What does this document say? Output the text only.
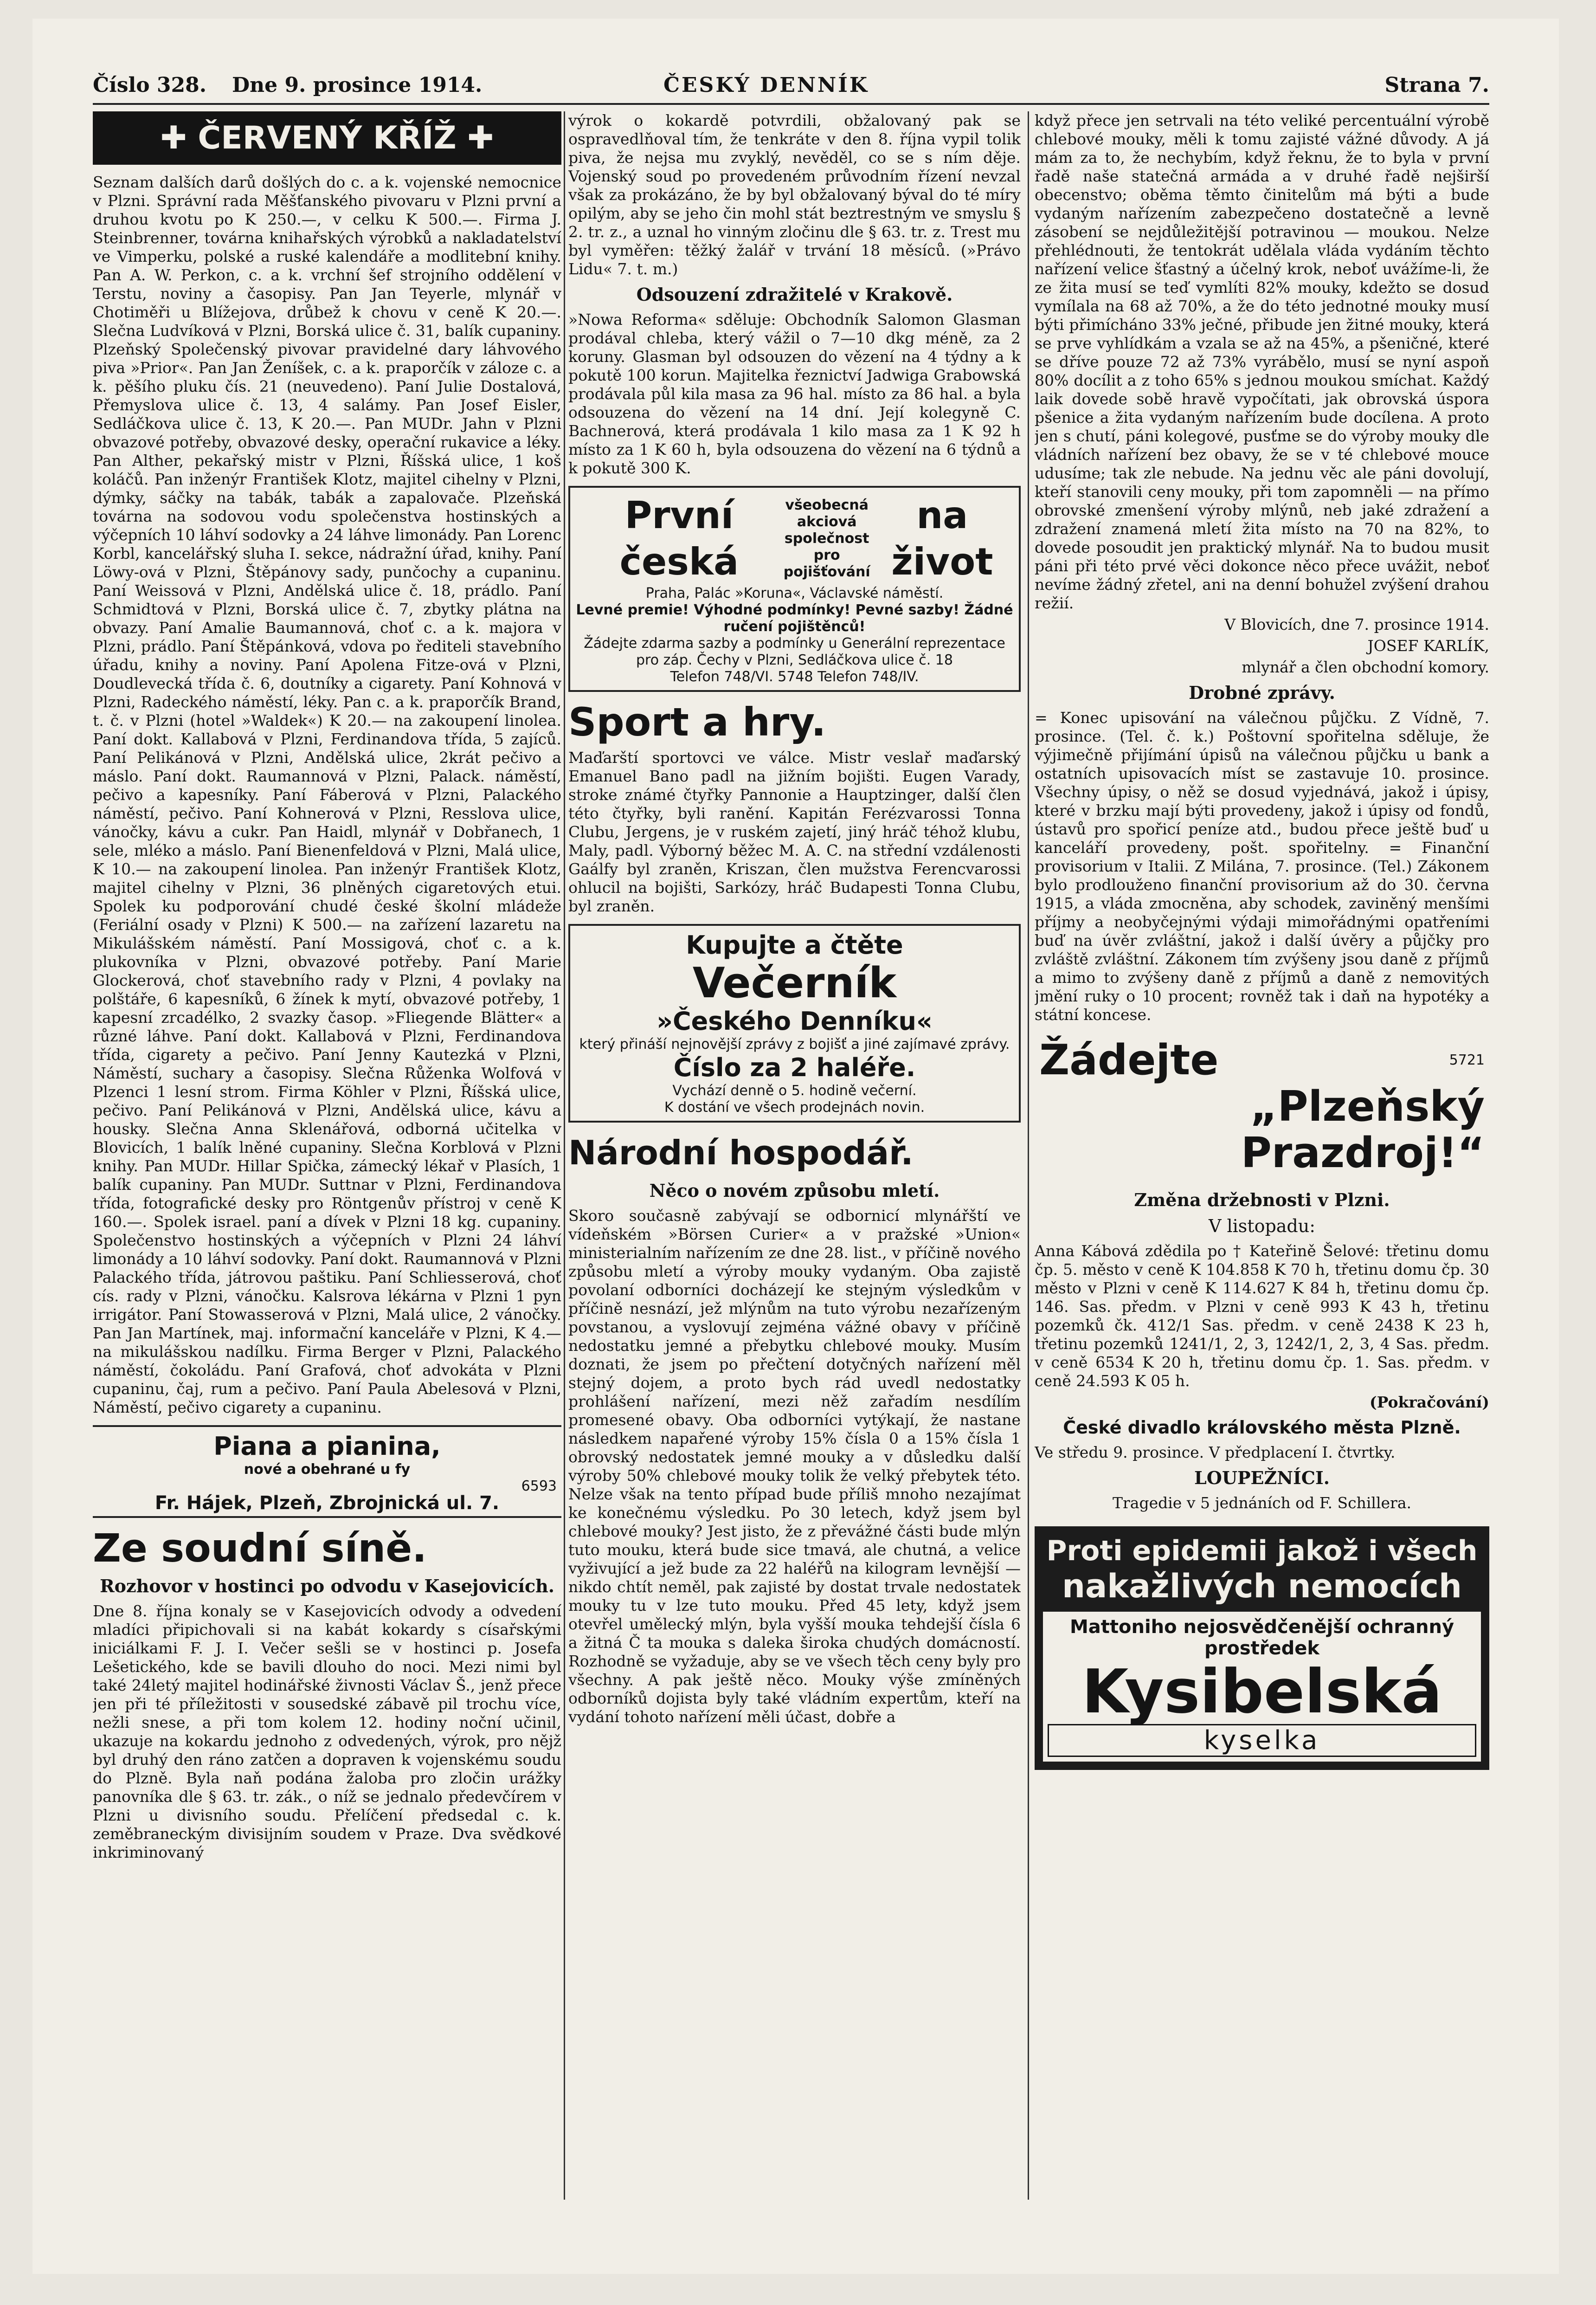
Číslo 328. Dne 9. prosince 1914.	ČESKÝ DENNÍK	Strana 7.
✚ ČERVENÝ KŘÍŽ ✚

Seznam dalších darů došlých do c. a k. vojenské nemocnice v Plzni. Správní rada Měšťanského pivovaru v Plzni první a druhou kvotu po K 250.—, v celku K 500.—. Firma J. Steinbrenner, továrna knihařských výrobků a nakladatelství ve Vimperku, polské a ruské kalendáře a modlitební knihy. Pan A. W. Perkon, c. a k. vrchní šef strojního oddělení v Terstu, noviny a časopisy. Pan Jan Teyerle, mlynář v Chotiměři u Blížejova, drůbež k chovu v ceně K 20.—. Slečna Ludvíková v Plzni, Borská ulice č. 31, balík cupaniny. Plzeňský Společenský pivovar pravidelné dary láhvového piva »Prior«. Pan Jan Ženíšek, c. a k. praporčík v záloze c. a k. pěšího pluku čís. 21 (neuvedeno). Paní Julie Dostalová, Přemyslova ulice č. 13, 4 salámy. Pan Josef Eisler, Sedláčkova ulice č. 13, K 20.—. Pan MUDr. Jahn v Plzni obvazové potřeby, obvazové desky, operační rukavice a léky. Pan Alther, pekařský mistr v Plzni, Říšská ulice, 1 koš koláčů. Pan inženýr František Klotz, majitel cihelny v Plzni, dýmky, sáčky na tabák, tabák a zapalovače. Plzeňská továrna na sodovou vodu společenstva hostinských a výčepních 10 láhví sodovky a 24 láhve limonády. Pan Lorenc Korbl, kancelářský sluha I. sekce, nádražní úřad, knihy. Paní Löwy-ová v Plzni, Štěpánovy sady, punčochy a cupaninu. Paní Weissová v Plzni, Andělská ulice č. 18, prádlo. Paní Schmidtová v Plzni, Borská ulice č. 7, zbytky plátna na obvazy. Paní Amalie Baumannová, choť c. a k. majora v Plzni, prádlo. Paní Štěpánková, vdova po řediteli stavebního úřadu, knihy a noviny. Paní Apolena Fitze-ová v Plzni, Doudlevecká třída č. 6, doutníky a cigarety. Paní Kohnová v Plzni, Radeckého náměstí, léky. Pan c. a k. praporčík Brand, t. č. v Plzni (hotel »Waldek«) K 20.— na zakoupení linolea. Paní dokt. Kallabová v Plzni, Ferdinandova třída, 5 zajíců. Paní Pelikánová v Plzni, Andělská ulice, 2krát pečivo a máslo. Paní dokt. Raumannová v Plzni, Palack. náměstí, pečivo a kapesníky. Paní Fáberová v Plzni, Palackého náměstí, pečivo. Paní Kohnerová v Plzni, Resslova ulice, vánočky, kávu a cukr. Pan Haidl, mlynář v Dobřanech, 1 sele, mléko a máslo. Paní Bienenfeldová v Plzni, Malá ulice, K 10.— na zakoupení linolea. Pan inženýr František Klotz, majitel cihelny v Plzni, 36 plněných cigaretových etui. Spolek ku podporování chudé české školní mládeže (Feriální osady v Plzni) K 500.— na zařízení lazaretu na Mikulášském náměstí. Paní Mossigová, choť c. a k. plukovníka v Plzni, obvazové potřeby. Paní Marie Glockerová, choť stavebního rady v Plzni, 4 povlaky na polštáře, 6 kapesníků, 6 žínek k mytí, obvazové potřeby, 1 kapesní zrcadélko, 2 svazky časop. »Fliegende Blätter« a různé láhve. Paní dokt. Kallabová v Plzni, Ferdinandova třída, cigarety a pečivo. Paní Jenny Kautezká v Plzni, Náměstí, suchary a časopisy. Slečna Růženka Wolfová v Plzenci 1 lesní strom. Firma Köhler v Plzni, Říšská ulice, pečivo. Paní Pelikánová v Plzni, Andělská ulice, kávu a housky. Slečna Anna Sklenářová, odborná učitelka v Blovicích, 1 balík lněné cupaniny. Slečna Korblová v Plzni knihy. Pan MUDr. Hillar Spička, zámecký lékař v Plasích, 1 balík cupaniny. Pan MUDr. Suttnar v Plzni, Ferdinandova třída, fotografické desky pro Röntgenův přístroj v ceně K 160.—. Spolek israel. paní a dívek v Plzni 18 kg. cupaniny. Společenstvo hostinských a výčepních v Plzni 24 láhví limonády a 10 láhví sodovky. Paní dokt. Raumannová v Plzni Palackého třída, játrovou paštiku. Paní Schliesserová, choť cís. rady v Plzni, vánočku. Kalsrova lékárna v Plzni 1 pyn irrigátor. Paní Stowasserová v Plzni, Malá ulice, 2 vánočky. Pan Jan Martínek, maj. informační kanceláře v Plzni, K 4.— na mikulášskou nadílku. Firma Berger v Plzni, Palackého náměstí, čokoládu. Paní Grafová, choť advokáta v Plzni cupaninu, čaj, rum a pečivo. Paní Paula Abelesová v Plzni, Náměstí, pečivo cigarety a cupaninu.

Piana a pianina,
nové a obehrané u fy
6593
Fr. Hájek, Plzeň, Zbrojnická ul. 7.
Ze soudní síně.
Rozhovor v hostinci po odvodu v Kasejovicích.

Dne 8. října konaly se v Kasejovicích odvody a odvedení mladíci připichovali si na kabát kokardy s císařskými iniciálkami F. J. I. Večer sešli se v hostinci p. Josefa Lešetického, kde se bavili dlouho do noci. Mezi nimi byl také 24letý majitel hodinářské živnosti Václav Š., jenž přece jen při té příležitosti v sousedské zábavě pil trochu více, nežli snese, a při tom kolem 12. hodiny noční učinil, ukazuje na kokardu jednoho z odvedených, výrok, pro nějž byl druhý den ráno zatčen a dopraven k vojenskému soudu do Plzně. Byla naň podána žaloba pro zločin urážky panovníka dle § 63. tr. zák., o níž se jednalo předevčírem v Plzni u divisního soudu. Přelíčení předsedal c. k. zeměbraneckým divisijním soudem v Praze. Dva svědkové inkriminovaný

výrok o kokardě potvrdili, obžalovaný pak se ospravedlňoval tím, že tenkráte v den 8. října vypil tolik piva, že nejsa mu zvyklý, nevěděl, co se s ním děje. Vojenský soud po provedeném průvodním řízení nevzal však za prokázáno, že by byl obžalovaný býval do té míry opilým, aby se jeho čin mohl stát beztrestným ve smyslu § 2. tr. z., a uznal ho vinným zločinu dle § 63. tr. z. Trest mu byl vyměřen: těžký žalář v trvání 18 měsíců. (»Právo Lidu« 7. t. m.)

Odsouzení zdražitelé v Krakově.

»Nowa Reforma« sděluje: Obchodník Salomon Glasman prodával chleba, který vážil o 7—10 dkg méně, za 2 koruny. Glasman byl odsouzen do vězení na 4 týdny a k pokutě 100 korun. Majitelka řeznictví Jadwiga Grabowská prodávala půl kila masa za 96 hal. místo za 86 hal. a byla odsouzena do vězení na 14 dní. Její kolegyně C. Bachnerová, která prodávala 1 kilo masa za 1 K 92 h místo za 1 K 60 h, byla odsouzena do vězení na 6 týdnů a k pokutě 300 K.

První česká
všeobecná akciová společnost pro pojišťování
na život
Praha, Palác »Koruna«, Václavské náměstí.
Levné premie! Výhodné podmínky! Pevné sazby! Žádné ručení pojištěnců!
Žádejte zdarma sazby a podmínky u Generální reprezentace pro záp. Čechy v Plzni, Sedláčkova ulice č. 18
Telefon 748/VI. 5748 Telefon 748/IV.
Sport a hry.

Maďarští sportovci ve válce. Mistr veslař maďarský Emanuel Bano padl na jižním bojišti. Eugen Varady, stroke známé čtyřky Pannonie a Hauptzinger, další člen této čtyřky, byli ranění. Kapitán Ferézvarossi Tonna Clubu, Jergens, je v ruském zajetí, jiný hráč téhož klubu, Maly, padl. Výborný běžec M. A. C. na střední vzdálenosti Gaálfy byl zraněn, Kriszan, člen mužstva Ferencvarossi ohlucil na bojišti, Sarkózy, hráč Budapesti Tonna Clubu, byl zraněn.

Kupujte a čtěte
Večerník
»Českého Denníku«
který přináší nejnovější zprávy z bojišť a jiné zajímavé zprávy.
Číslo za 2 haléře.
Vychází denně o 5. hodině večerní.
K dostání ve všech prodejnách novin.
Národní hospodář.
Něco o novém způsobu mletí.

Skoro současně zabývají se odbornicí mlynářští ve vídeňském »Börsen Curier« a v pražské »Union« ministerialním nařízením ze dne 28. list., v příčině nového způsobu mletí a výroby mouky vydaným. Oba zajistě povolaní odborníci docházejí ke stejným výsledkům v příčině nesnází, jež mlýnům na tuto výrobu nezařízeným povstanou, a vyslovují zejména vážné obavy v příčině nedostatku jemné a přebytku chlebové mouky. Musím doznati, že jsem po přečtení dotyčných nařízení měl stejný dojem, a proto bych rád uvedl nedostatky prohlášení nařízení, mezi něž zařadím nesdílím promesené obavy. Oba odborníci vytýkají, že nastane následkem napařené výroby 15% čísla 0 a 15% čísla 1 obrovský nedostatek jemné mouky a v důsledku další výroby 50% chlebové mouky tolik že velký přebytek této. Nelze však na tento případ bude příliš mnoho nezajímat ke konečnému výsledku. Po 30 letech, když jsem byl chlebové mouky? Jest jisto, že z převážné části bude mlýn tuto mouku, která bude sice tmavá, ale chutná, a velice vyživující a jež bude za 22 haléřů na kilogram levnější — nikdo chtít neměl, pak zajisté by dostat trvale nedostatek mouky tu v lze tuto mouku. Před 45 lety, když jsem otevřel umělecký mlýn, byla vyšší mouka tehdejší čísla 6 a žitná Č ta mouka s daleka široka chudých domácností. Rozhodně se vyžaduje, aby se ve všech těch ceny byly pro všechny. A pak ještě něco. Mouky výše zmíněných odborníků dojista byly také vládním expertům, kteří na vydání tohoto nařízení měli účast, dobře a

když přece jen setrvali na této veliké percentuální výrobě chlebové mouky, měli k tomu zajisté vážné důvody. A já mám za to, že nechybím, když řeknu, že to byla v první řadě naše statečná armáda a v druhé řadě nejširší obecenstvo; oběma těmto činitelům má býti a bude vydaným nařízením zabezpečeno dostatečně a levně zásobení se nejdůležitější potravinou — moukou. Nelze přehlédnouti, že tentokrát udělala vláda vydáním těchto nařízení velice šťastný a účelný krok, neboť uvážíme-li, že ze žita musí se teď vymlíti 82% mouky, kdežto se dosud vymílala na 68 až 70%, a že do této jednotné mouky musí býti přimícháno 33% ječné, přibude jen žitné mouky, která se prve vyhlídkám a vzala se až na 45%, a pšeničné, které se dříve pouze 72 až 73% vyrábělo, musí se nyní aspoň 80% docílit a z toho 65% s jednou moukou smíchat. Každý laik dovede sobě hravě vypočítati, jak obrovská úspora pšenice a žita vydaným nařízením bude docílena. A proto jen s chutí, páni kolegové, pusťme se do výroby mouky dle vládních nařízení bez obavy, že se v té chlebové mouce udusíme; tak zle nebude. Na jednu věc ale páni dovolují, kteří stanovili ceny mouky, při tom zapomněli — na přímo obrovské zmenšení výroby mlýnů, neb jaké zdražení a zdražení znamená mletí žita místo na 70 na 82%, to dovede posoudit jen praktický mlynář. Na to budou musit páni při této prvé věci dokonce něco přece uvážit, neboť nevíme žádný zřetel, ani na denní bohužel zvýšení drahou režií.

V Blovicích, dne 7. prosince 1914.

JOSEF KARLÍK,

mlynář a člen obchodní komory.

Drobné zprávy.

= Konec upisování na válečnou půjčku. Z Vídně, 7. prosince. (Tel. č. k.) Poštovní spořitelna sděluje, že výjimečně přijímání úpisů na válečnou půjčku u bank a ostatních upisovacích míst se zastavuje 10. prosince. Všechny úpisy, o něž se dosud vyjednává, jakož i úpisy, které v brzku mají býti provedeny, jakož i úpisy od fondů, ústavů pro spořicí peníze atd., budou přece ještě buď u kanceláří provedeny, pošt. spořitelny. = Finanční provisorium v Italii. Z Milána, 7. prosince. (Tel.) Zákonem bylo prodlouženo finanční provisorium až do 30. června 1915, a vláda zmocněna, aby schodek, zaviněný menšími příjmy a neobyčejnými výdaji mimořádnými opatřeními buď na úvěr zvláštní, jakož i další úvěry a půjčky pro zvláště zvláštní. Zákonem tím zvýšeny jsou daně z příjmů a mimo to zvýšeny daně z příjmů a daně z nemovitých jmění ruky o 10 procent; rovněž tak i daň na hypotéky a státní koncese.

Žádejte	5721
„Plzeňský Prazdroj!“
Změna držebnosti v Plzni.
V listopadu:

Anna Kábová zdědila po † Kateřině Šelové: třetinu domu čp. 5. město v ceně K 104.858 K 70 h, třetinu domu čp. 30 město v Plzni v ceně K 114.627 K 84 h, třetinu domu čp. 146. Sas. předm. v Plzni v ceně 993 K 43 h, třetinu pozemků čk. 412/1 Sas. předm. v ceně 2438 K 23 h, třetinu pozemků 1241/1, 2, 3, 1242/1, 2, 3, 4 Sas. předm. v ceně 6534 K 20 h, třetinu domu čp. 1. Sas. předm. v ceně 24.593 K 05 h.

(Pokračování)

České divadlo královského města Plzně.

Ve středu 9. prosince. V předplacení I. čtvrtky.

LOUPEŽNÍCI.

Tragedie v 5 jednáních od F. Schillera.

Proti epidemii jakož i všech
nakažlivých nemocích
Mattoniho nejosvědčenější ochranný prostředek
Kysibelská
kyselka
